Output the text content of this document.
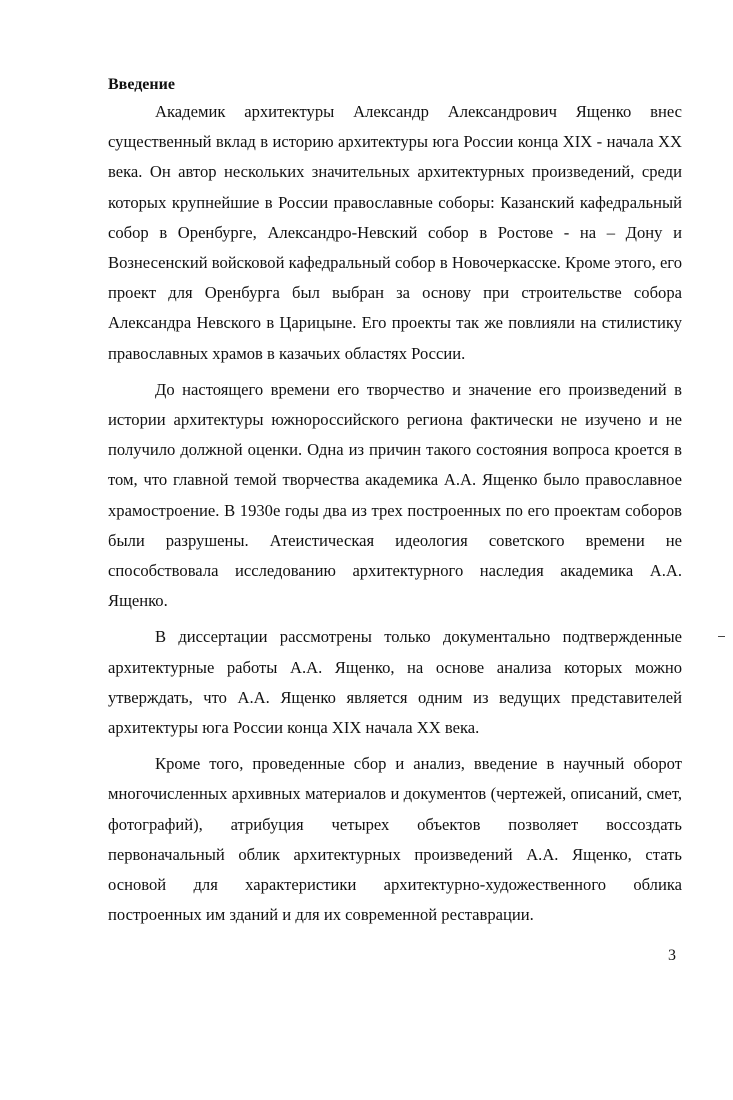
Введение

Академик архитектуры Александр Александрович Ященко внес существенный вклад в историю архитектуры юга России конца XIX - начала XX века. Он автор нескольких значительных архитектурных произведений, среди которых крупнейшие в России православные соборы: Казанский кафедральный собор в Оренбурге, Александро-Невский собор в Ростове - на – Дону и Вознесенский войсковой кафедральный собор в Новочеркасске. Кроме этого, его проект для Оренбурга был выбран за основу при строительстве собора Александра Невского в Царицыне. Его проекты так же повлияли на стилистику православных храмов в казачьих областях России.

До настоящего времени его творчество и значение его произведений в истории архитектуры южнороссийского региона фактически не изучено и не получило должной оценки. Одна из причин такого состояния вопроса кроется в том, что главной темой творчества академика А.А. Ященко было православное храмостроение. В 1930е годы два из трех построенных по его проектам соборов были разрушены. Атеистическая идеология советского времени не способствовала исследованию архитектурного наследия академика А.А. Ященко.

В диссертации рассмотрены только документально подтвержденные архитектурные работы А.А. Ященко, на основе анализа которых можно утверждать, что А.А. Ященко является одним из ведущих представителей архитектуры юга России конца XIX начала XX века.

Кроме того, проведенные сбор и анализ, введение в научный оборот многочисленных архивных материалов и документов (чертежей, описаний, смет, фотографий), атрибуция четырех объектов позволяет воссоздать первоначальный облик архитектурных произведений А.А. Ященко, стать основой для характеристики архитектурно-художественного облика построенных им зданий и для их современной реставрации.

3
